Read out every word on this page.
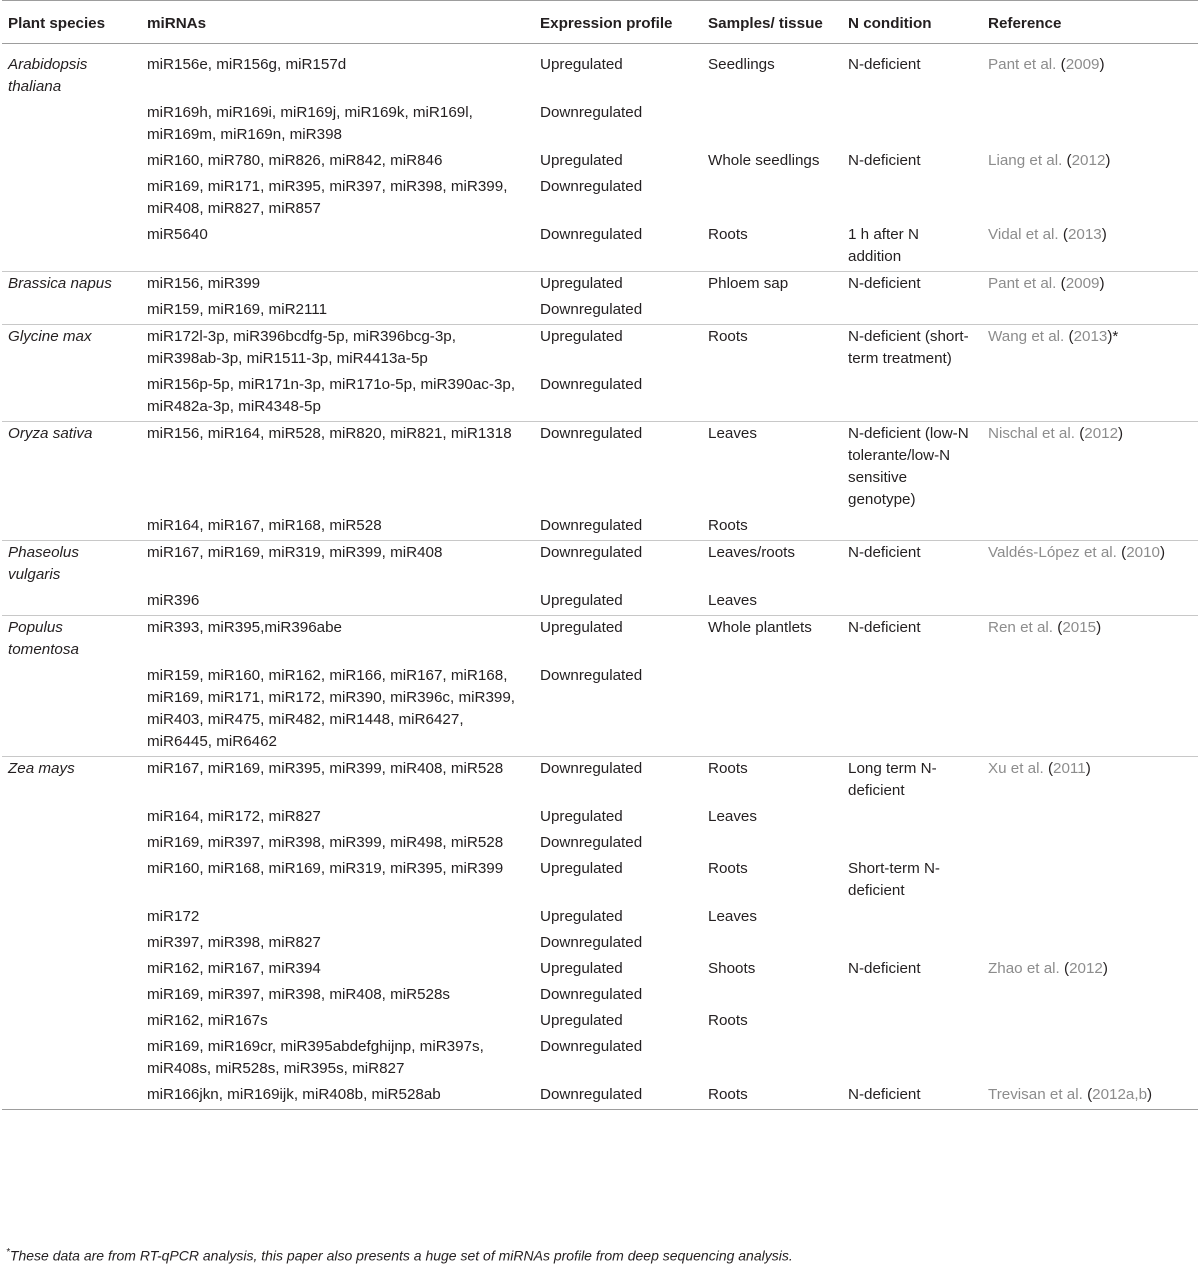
Plant species	miRNAs	Expression profile	Samples/ tissue	N condition	Reference
Arabidopsis thaliana	miR156e, miR156g, miR157d	Upregulated	Seedlings	N-deficient	Pant et al. (2009)
	miR169h, miR169i, miR169j, miR169k, miR169l, miR169m, miR169n, miR398	Downregulated			
	miR160, miR780, miR826, miR842, miR846	Upregulated	Whole seedlings	N-deficient	Liang et al. (2012)
	miR169, miR171, miR395, miR397, miR398, miR399, miR408, miR827, miR857	Downregulated			
	miR5640	Downregulated	Roots	1 h after N addition	Vidal et al. (2013)
Brassica napus	miR156, miR399	Upregulated	Phloem sap	N-deficient	Pant et al. (2009)
	miR159, miR169, miR2111	Downregulated			
Glycine max	miR172l-3p, miR396bcdfg-5p, miR396bcg-3p, miR398ab-3p, miR1511-3p, miR4413a-5p	Upregulated	Roots	N-deficient (short-term treatment)	Wang et al. (2013)*
	miR156p-5p, miR171n-3p, miR171o-5p, miR390ac-3p, miR482a-3p, miR4348-5p	Downregulated			
Oryza sativa	miR156, miR164, miR528, miR820, miR821, miR1318	Downregulated	Leaves	N-deficient (low-N tolerante/low-N sensitive genotype)	Nischal et al. (2012)
	miR164, miR167, miR168, miR528	Downregulated	Roots		
Phaseolus vulgaris	miR167, miR169, miR319, miR399, miR408	Downregulated	Leaves/roots	N-deficient	Valdés-López et al. (2010)
	miR396	Upregulated	Leaves		
Populus tomentosa	miR393, miR395,miR396abe	Upregulated	Whole plantlets	N-deficient	Ren et al. (2015)
	miR159, miR160, miR162, miR166, miR167, miR168, miR169, miR171, miR172, miR390, miR396c, miR399, miR403, miR475, miR482, miR1448, miR6427, miR6445, miR6462	Downregulated			
Zea mays	miR167, miR169, miR395, miR399, miR408, miR528	Downregulated	Roots	Long term N-deficient	Xu et al. (2011)
	miR164, miR172, miR827	Upregulated	Leaves		
	miR169, miR397, miR398, miR399, miR498, miR528	Downregulated			
	miR160, miR168, miR169, miR319, miR395, miR399	Upregulated	Roots	Short-term N-deficient	
	miR172	Upregulated	Leaves		
	miR397, miR398, miR827	Downregulated			
	miR162, miR167, miR394	Upregulated	Shoots	N-deficient	Zhao et al. (2012)
	miR169, miR397, miR398, miR408, miR528s	Downregulated			
	miR162, miR167s	Upregulated	Roots		
	miR169, miR169cr, miR395abdefghijnp, miR397s, miR408s, miR528s, miR395s, miR827	Downregulated			
	miR166jkn, miR169ijk, miR408b, miR528ab	Downregulated	Roots	N-deficient	Trevisan et al. (2012a,b)
*These data are from RT-qPCR analysis, this paper also presents a huge set of miRNAs profile from deep sequencing analysis.
